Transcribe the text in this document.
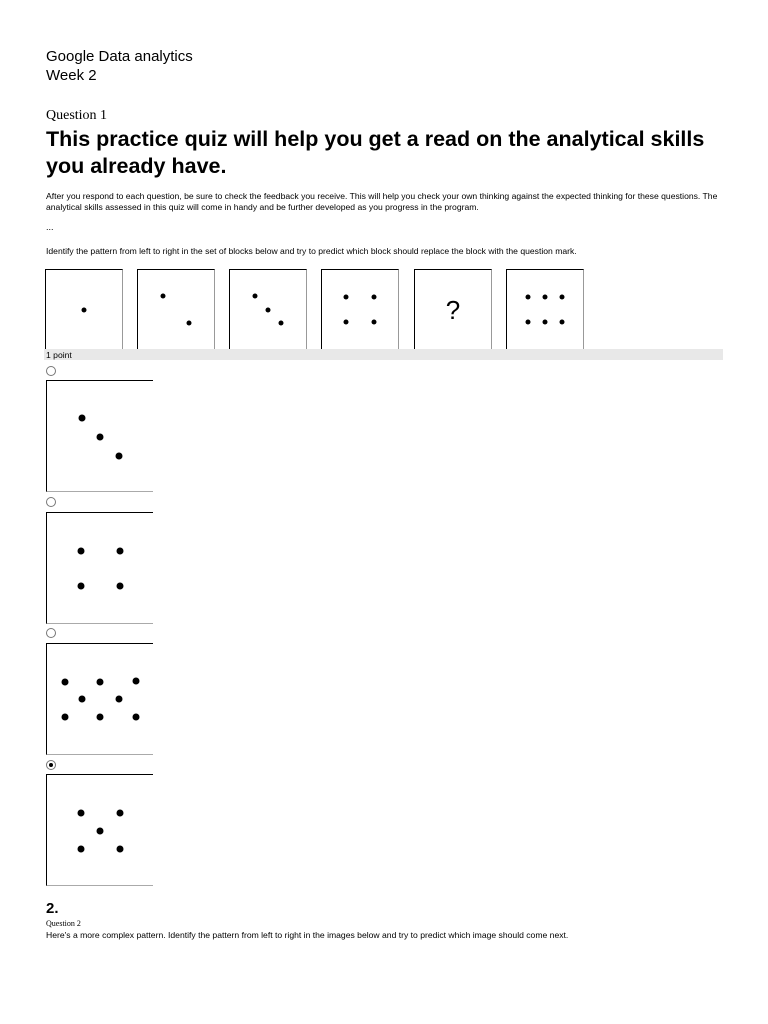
Google Data analytics
Week 2
Question 1
This practice quiz will help you get a read on the analytical skills you already have.
After you respond to each question, be sure to check the feedback you receive. This will help you check your own thinking against the expected thinking for these questions. The analytical skills assessed in this quiz will come in handy and be further developed as you progress in the program.
...
Identify the pattern from left to right in the set of blocks below and try to predict which block should replace the block with the question mark.
?
1 point
2.
Question 2
Here's a more complex pattern. Identify the pattern from left to right in the images below and try to predict which image should come next.
